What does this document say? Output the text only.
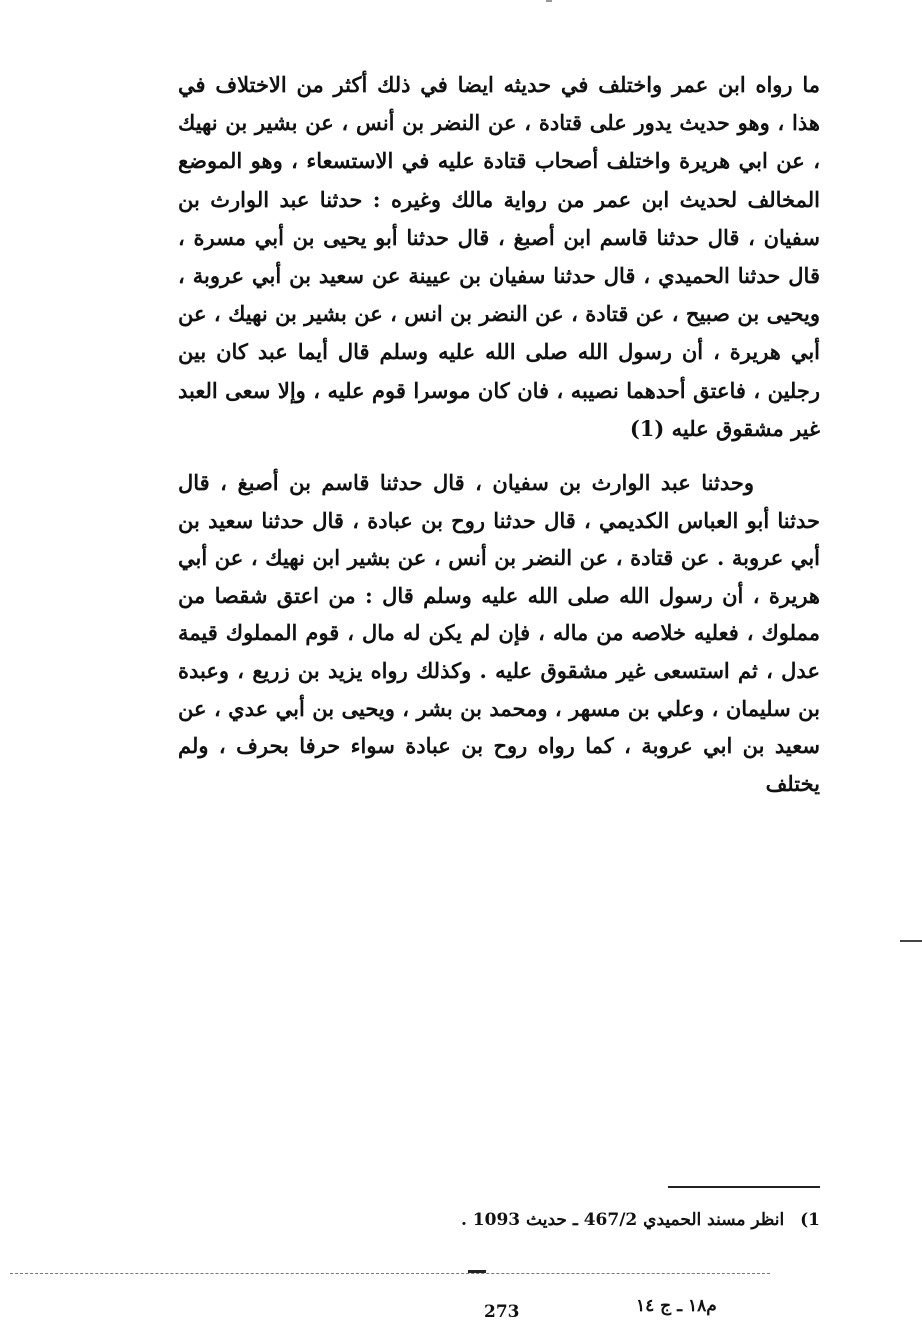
ما رواه ابن عمر واختلف في حديثه ايضا في ذلك أكثر من الاختلاف في هذا ، وهو حديث يدور على قتادة ، عن النضر بن أنس ، عن بشير بن نهيك ، عن ابي هريرة واختلف أصحاب قتادة عليه في الاستسعاء ، وهو الموضع المخالف لحديث ابن عمر من رواية مالك وغيره : حدثنا عبد الوارث بن سفيان ، قال حدثنا قاسم ابن أصبغ ، قال حدثنا أبو يحيى بن أبي مسرة ، قال حدثنا الحميدي ، قال حدثنا سفيان بن عيينة عن سعيد بن أبي عروبة ، ويحيى بن صبيح ، عن قتادة ، عن النضر بن انس ، عن بشير بن نهيك ، عن أبي هريرة ، أن رسول الله صلى الله عليه وسلم قال أيما عبد كان بين رجلين ، فاعتق أحدهما نصيبه ، فان كان موسرا قوم عليه ، وإلا سعى العبد غير مشقوق عليه (1)

وحدثنا عبد الوارث بن سفيان ، قال حدثنا قاسم بن أصبغ ، قال حدثنا أبو العباس الكديمي ، قال حدثنا روح بن عبادة ، قال حدثنا سعيد بن أبي عروبة . عن قتادة ، عن النضر بن أنس ، عن بشير ابن نهيك ، عن أبي هريرة ، أن رسول الله صلى الله عليه وسلم قال : من اعتق شقصا من مملوك ، فعليه خلاصه من ماله ، فإن لم يكن له مال ، قوم المملوك قيمة عدل ، ثم استسعى غير مشقوق عليه . وكذلك رواه يزيد بن زريع ، وعبدة بن سليمان ، وعلي بن مسهر ، ومحمد بن بشر ، ويحيى بن أبي عدي ، عن سعيد بن ابي عروبة ، كما رواه روح بن عبادة سواء حرفا بحرف ، ولم يختلف

1) انظر مسند الحميدي 467/2 ـ حديث 1093 .
م١٨ ـ ج ١٤
273
